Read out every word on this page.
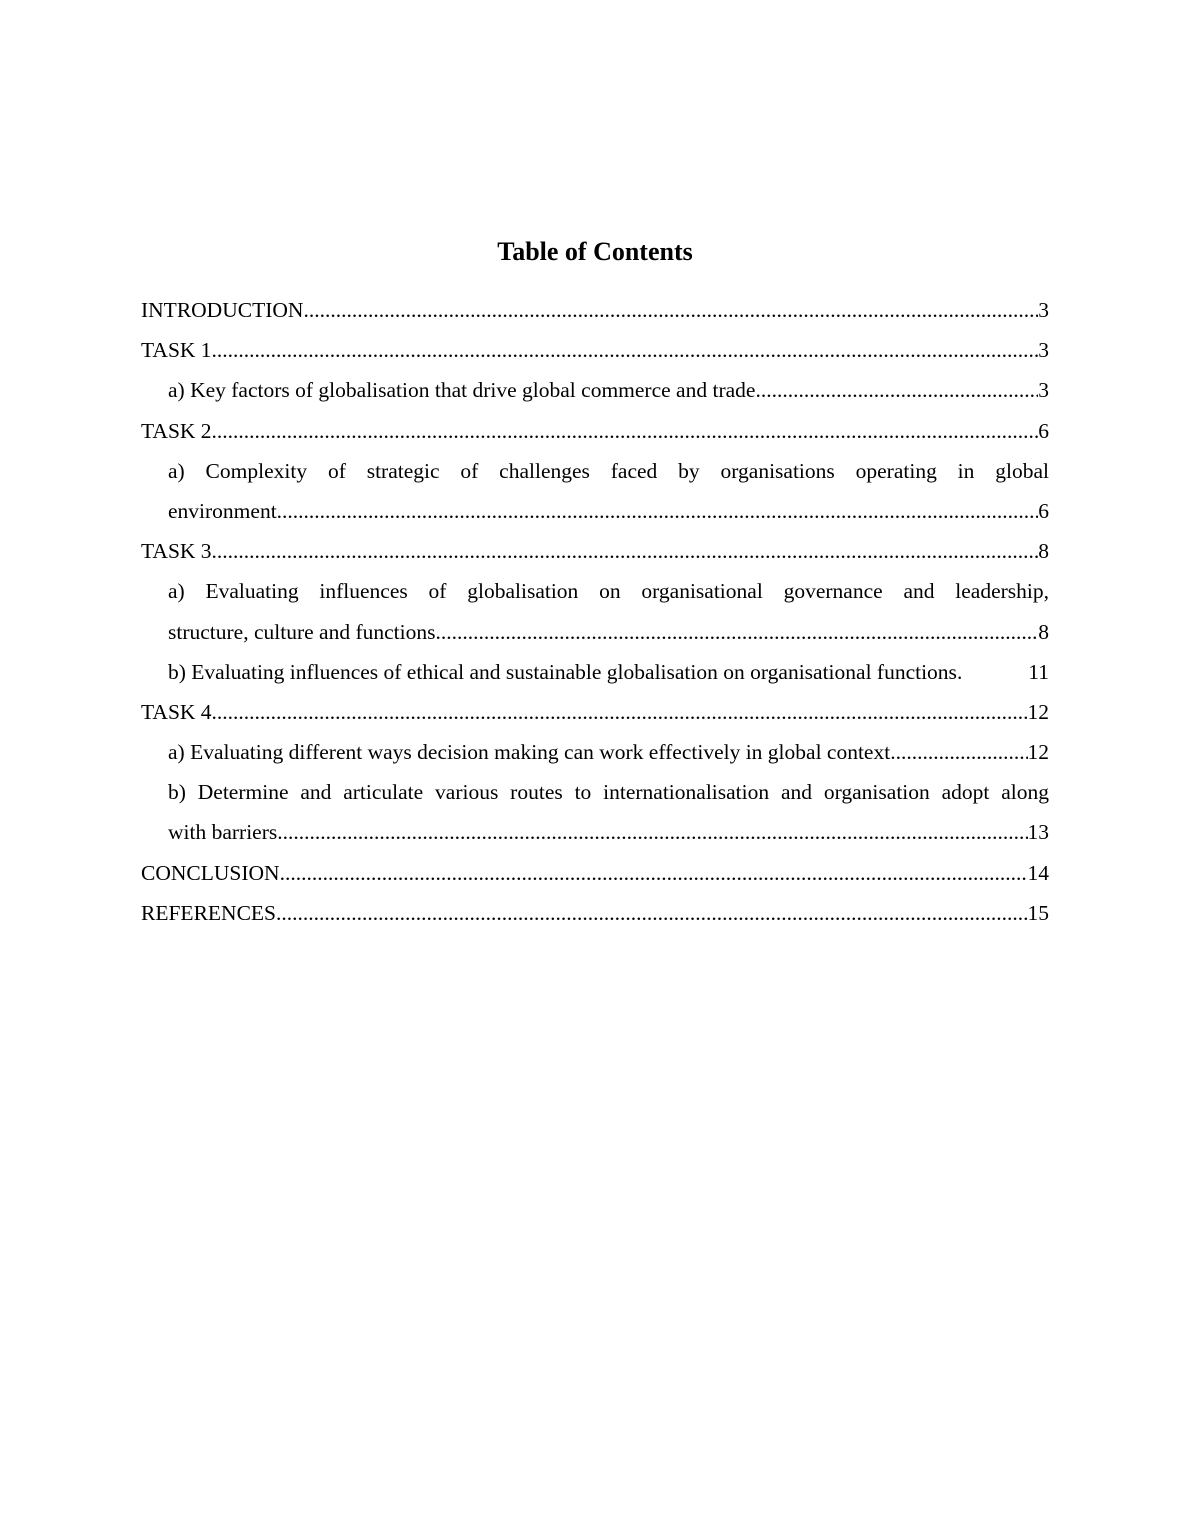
Table of Contents
INTRODUCTION .....	3
TASK 1 .....	3
a) Key factors of globalisation that drive global commerce and trade .....	3
TASK 2 .....	6
a) Complexity of strategic of challenges faced by organisations operating in global
environment .....	6
TASK 3 .....	8
a) Evaluating influences of globalisation on organisational governance and leadership,
structure, culture and functions .....	8
b) Evaluating influences of ethical and sustainable globalisation on organisational functions .....	11
TASK 4 .....	12
a) Evaluating different ways decision making can work effectively in global context .....	12
b) Determine and articulate various routes to internationalisation and organisation adopt along
with barriers .....	13
CONCLUSION .....	14
REFERENCES .....	15
